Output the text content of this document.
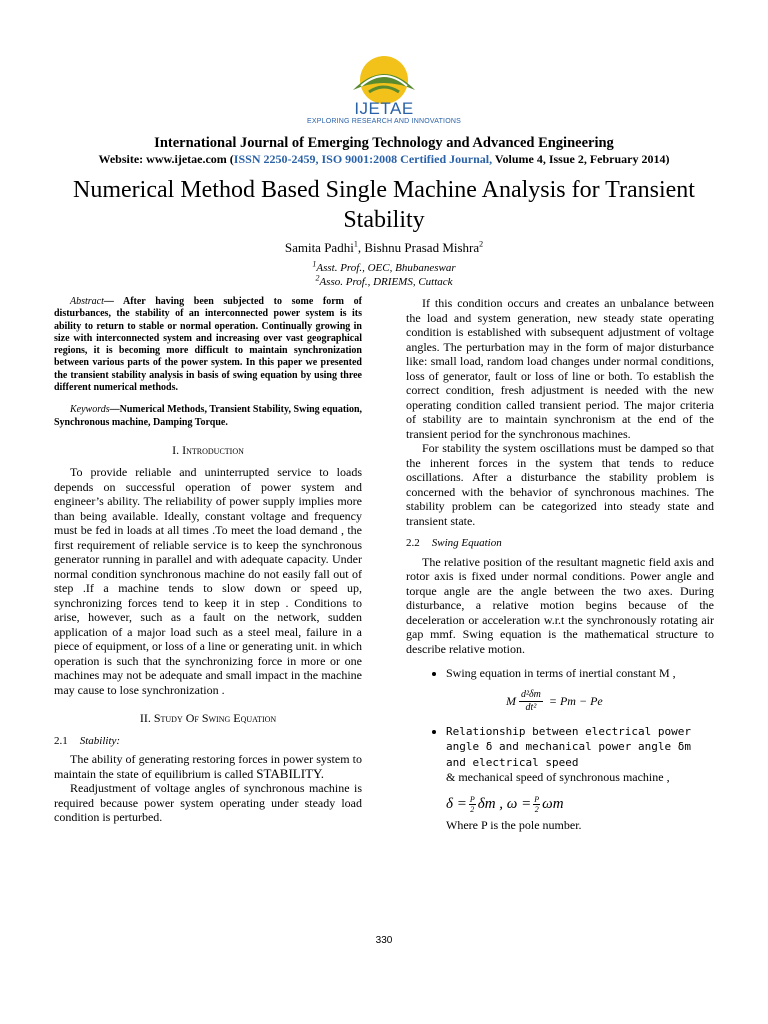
IJETAE
EXPLORING RESEARCH AND INNOVATIONS
International Journal of Emerging Technology and Advanced Engineering
Website: www.ijetae.com (ISSN 2250-2459, ISO 9001:2008 Certified Journal, Volume 4, Issue 2, February 2014)
Numerical Method Based Single Machine Analysis for Transient Stability
Samita Padhi$^1$, Bishnu Prasad Mishra$^2$
$^1$Asst. Prof., OEC, Bhubaneswar
$^2$Asso. Prof., DRIEMS, Cuttack

Abstract— After having been subjected to some form of disturbances, the stability of an interconnected power system is its ability to return to stable or normal operation. Continually growing in size with interconnected system and increasing over vast geographical regions, it is becoming more difficult to maintain synchronization between various parts of the power system. In this paper we presented the transient stability analysis in basis of swing equation by using three different numerical methods.

Keywords—Numerical Methods, Transient Stability, Swing equation, Synchronous machine, Damping Torque.

I. Introduction

To provide reliable and uninterrupted service to loads depends on successful operation of power system and engineer’s ability. The reliability of power supply implies more than being available. Ideally, constant voltage and frequency must be fed in loads at all times .To meet the load demand , the first requirement of reliable service is to keep the synchronous generator running in parallel and with adequate capacity. Under normal condition synchronous machine do not easily fall out of step .If a machine tends to slow down or speed up, synchronizing forces tend to keep it in step . Conditions to arise, however, such as a fault on the network, sudden application of a major load such as a steel meal, failure in a piece of equipment, or loss of a line or generating unit. in which operation is such that the synchronizing force in more or one machines may not be adequate and small impact in the machine may cause to lose synchronization .

II. Study Of Swing Equation
2.1 Stability:

The ability of generating restoring forces in power system to maintain the state of equilibrium is called STABILITY.

Readjustment of voltage angles of synchronous machine is required because power system operating under steady load condition is perturbed.

If this condition occurs and creates an unbalance between the load and system generation, new steady state operating condition is established with subsequent adjustment of voltage angles. The perturbation may in the form of major disturbance like: small load, random load changes under normal conditions, loss of generator, fault or loss of line or both. To establish the correct condition, fresh adjustment is needed with the new operating condition called transient period. The major criteria of stability are to maintain synchronism at the end of the transient period for the synchronous machines.

For stability the system oscillations must be damped so that the inherent forces in the system that tends to reduce oscillations. After a disturbance the stability problem is concerned with the behavior of synchronous machines. The stability problem can be categorized into steady state and transient state.

2.2 Swing Equation

The relative position of the resultant magnetic field axis and rotor axis is fixed under normal conditions. Power angle and torque angle are the angle between the two axes. During disturbance, a relative motion begins because of the deceleration or acceleration w.r.t the synchronously rotating air gap mmf. Swing equation is the mathematical structure to describe relative motion.

• Swing equation in terms of inertial constant M ,
M $\frac{\text{d²δm}}{\text{dt²}} = Pm - Pe$
• Relationship between electrical power angle δ and mechanical power angle δm and electrical speed
& mechanical speed of synchronous machine ,
$\delta = \frac{P}{2}$ δm , $\omega = \frac{P}{2}$ ωm

Where P is the pole number.

330
